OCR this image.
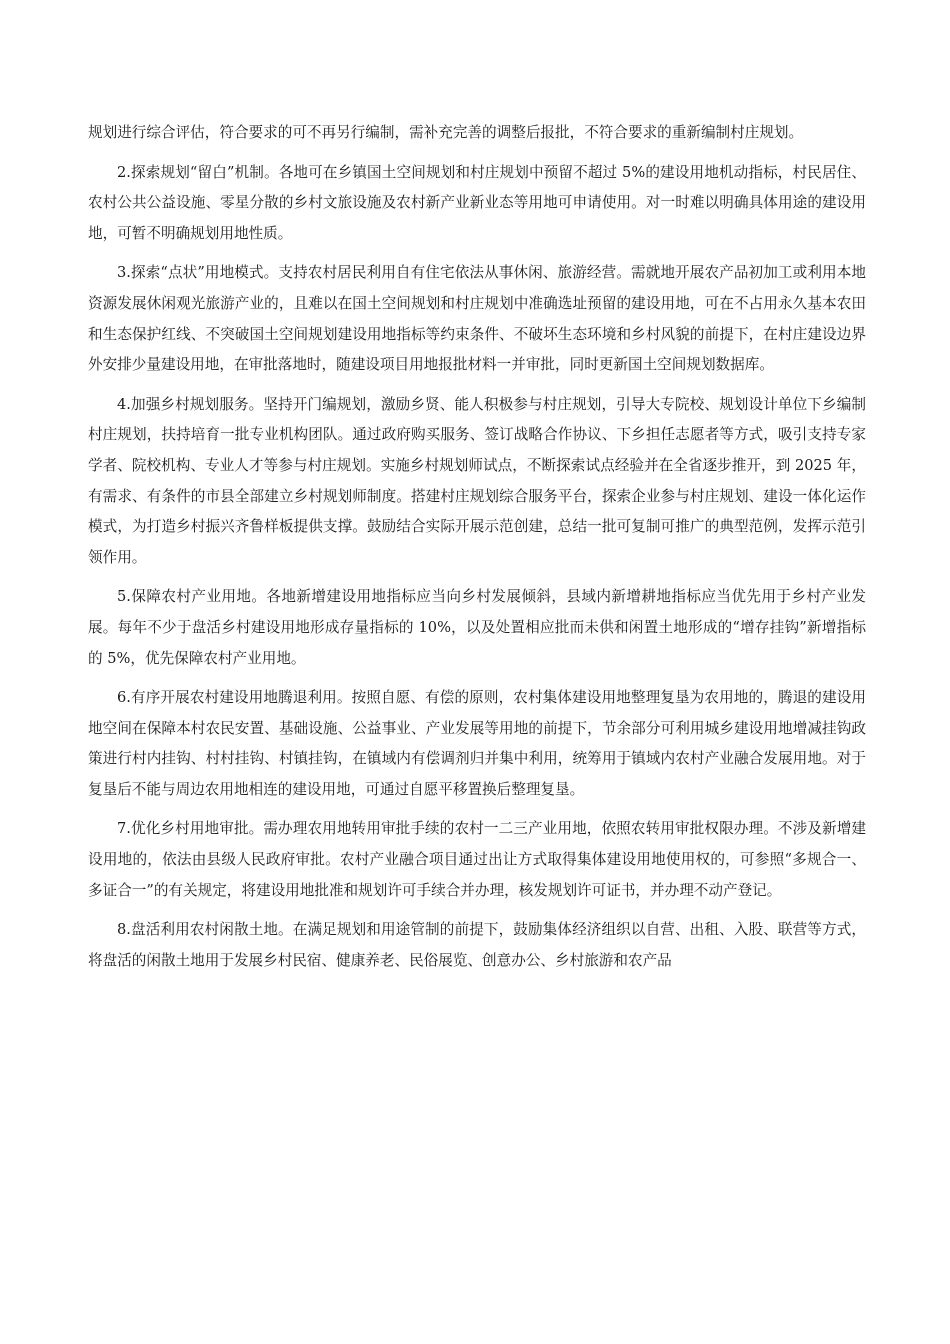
规划进行综合评估，符合要求的可不再另行编制，需补充完善的调整后报批，不符合要求的重新编制村庄规划。

2.探索规划“留白”机制。各地可在乡镇国土空间规划和村庄规划中预留不超过 5%的建设用地机动指标，村民居住、农村公共公益设施、零星分散的乡村文旅设施及农村新产业新业态等用地可申请使用。对一时难以明确具体用途的建设用地，可暂不明确规划用地性质。

3.探索“点状”用地模式。支持农村居民利用自有住宅依法从事休闲、旅游经营。需就地开展农产品初加工或利用本地资源发展休闲观光旅游产业的，且难以在国土空间规划和村庄规划中准确选址预留的建设用地，可在不占用永久基本农田和生态保护红线、不突破国土空间规划建设用地指标等约束条件、不破坏生态环境和乡村风貌的前提下，在村庄建设边界外安排少量建设用地，在审批落地时，随建设项目用地报批材料一并审批，同时更新国土空间规划数据库。

4.加强乡村规划服务。坚持开门编规划，激励乡贤、能人积极参与村庄规划，引导大专院校、规划设计单位下乡编制村庄规划，扶持培育一批专业机构团队。通过政府购买服务、签订战略合作协议、下乡担任志愿者等方式，吸引支持专家学者、院校机构、专业人才等参与村庄规划。实施乡村规划师试点，不断探索试点经验并在全省逐步推开，到 2025 年，有需求、有条件的市县全部建立乡村规划师制度。搭建村庄规划综合服务平台，探索企业参与村庄规划、建设一体化运作模式，为打造乡村振兴齐鲁样板提供支撑。鼓励结合实际开展示范创建，总结一批可复制可推广的典型范例，发挥示范引领作用。

5.保障农村产业用地。各地新增建设用地指标应当向乡村发展倾斜，县域内新增耕地指标应当优先用于乡村产业发展。每年不少于盘活乡村建设用地形成存量指标的 10%，以及处置相应批而未供和闲置土地形成的“增存挂钩”新增指标的 5%，优先保障农村产业用地。

6.有序开展农村建设用地腾退利用。按照自愿、有偿的原则，农村集体建设用地整理复垦为农用地的，腾退的建设用地空间在保障本村农民安置、基础设施、公益事业、产业发展等用地的前提下，节余部分可利用城乡建设用地增减挂钩政策进行村内挂钩、村村挂钩、村镇挂钩，在镇域内有偿调剂归并集中利用，统筹用于镇域内农村产业融合发展用地。对于复垦后不能与周边农用地相连的建设用地，可通过自愿平移置换后整理复垦。

7.优化乡村用地审批。需办理农用地转用审批手续的农村一二三产业用地，依照农转用审批权限办理。不涉及新增建设用地的，依法由县级人民政府审批。农村产业融合项目通过出让方式取得集体建设用地使用权的，可参照“多规合一、多证合一”的有关规定，将建设用地批准和规划许可手续合并办理，核发规划许可证书，并办理不动产登记。

8.盘活利用农村闲散土地。在满足规划和用途管制的前提下，鼓励集体经济组织以自营、出租、入股、联营等方式，将盘活的闲散土地用于发展乡村民宿、健康养老、民俗展览、创意办公、乡村旅游和农产品
